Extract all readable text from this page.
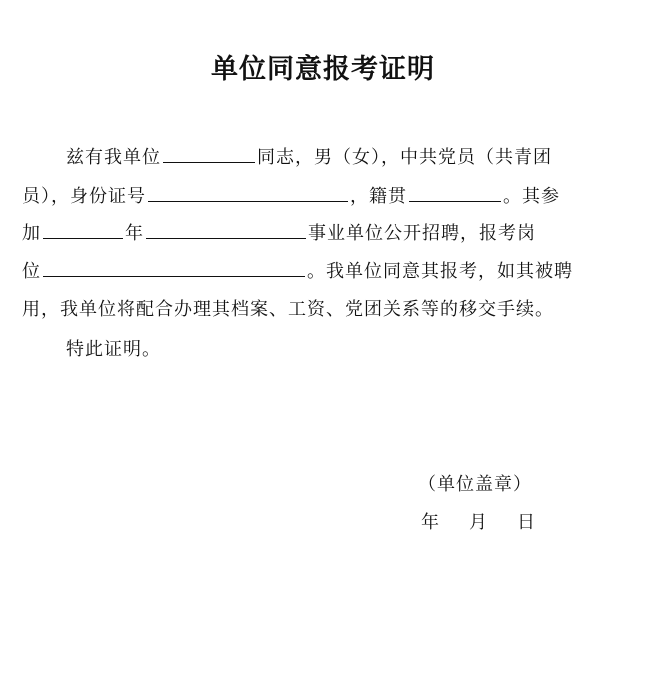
单位同意报考证明
兹有我单位	同志，男（女），中共党员（共青团
员），身份证号	，籍贯	。其参
加	年	事业单位公开招聘，报考岗
位	。我单位同意其报考，如其被聘
用，我单位将配合办理其档案、工资、党团关系等的移交手续。
特此证明。
（单位盖章）
年 月 日
